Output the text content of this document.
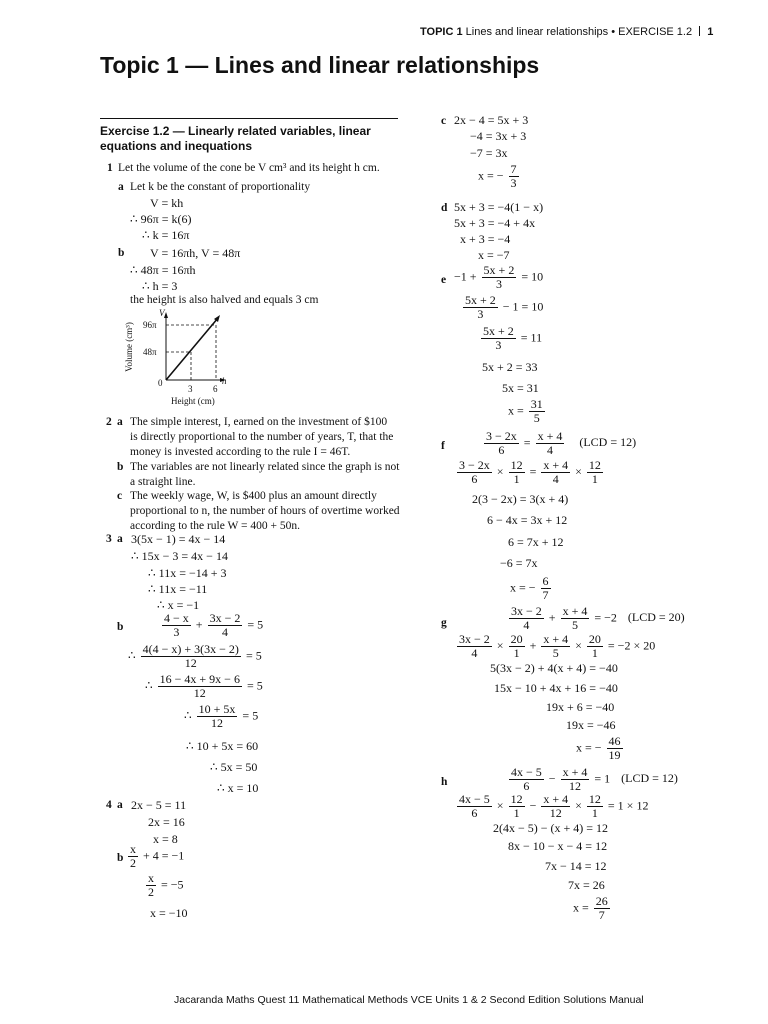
TOPIC 1 Lines and linear relationships • EXERCISE 1.2 1
Topic 1 — Lines and linear relationships
Exercise 1.2 — Linearly related variables, linear
equations and inequations
1 Let the volume of the cone be V cm³ and its height h cm.
a Let k be the constant of proportionality
V = kh
∴ 96π = k(6)
∴ k = 16π
b V = 16πh, V = 48π
∴ 48π = 16πh
∴ h = 3
the height is also halved and equals 3 cm
V
h
96π
48π
0
3 6
Height (cm)
Volume (cm³)
2 a The simple interest, I, earned on the investment of $100
is directly proportional to the number of years, T, that the
money is invested according to the rule I = 46T.
b The variables are not linearly related since the graph is not
a straight line.
c The weekly wage, W, is $400 plus an amount directly
proportional to n, the number of hours of overtime worked
according to the rule W = 400 + 50n.
3 a 3(5x − 1) = 4x − 14
∴ 15x − 3 = 4x − 14
∴ 11x = −14 + 3
∴ 11x = −11
∴ x = −1
b	$\frac{4 - x}{3} + \frac{3x - 2}{4} = 5$
∴ $\frac{4(4 - x) + 3(3x - 2)}{12} = 5$
∴ $\frac{16 - 4x + 9x - 6}{12} = 5$
∴ $\frac{10 + 5x}{12} = 5$
∴ 10 + 5x = 60
∴ 5x = 50
∴ x = 10
4 a 2x − 5 = 11
2x = 16
x = 8
b $\frac{x}{2} + 4 = -1$
$\frac{x}{2} = -5$
x = −10
c 2x − 4 = 5x + 3
−4 = 3x + 3
−7 = 3x
x = − $\frac{7}{3}$
d 5x + 3 = −4(1 − x)
5x + 3 = −4 + 4x
x + 3 = −4
x = −7
$e -1 + \frac{5x + 2}{3} = 10$
$\frac{5x + 2}{3} - 1 = 10$
$\frac{5x + 2}{3} = 11$
5x + 2 = 33
5x = 31
$x = \frac{31}{5}$
f	$\frac{3 - 2x}{6} = \frac{x + 4}{4} (LCD = 12)$
$\frac{3 - 2x}{6} \times \frac{12}{1} = \frac{x + 4}{4} \times \frac{12}{1}$
2(3 − 2x) = 3(x + 4)
6 − 4x = 3x + 12
6 = 7x + 12
−6 = 7x
x = − $\frac{6}{7}$
g	$\frac{3x - 2}{4} + \frac{x + 4}{5} = -2$ (LCD = 20)
$\frac{3x - 2}{4} \times \frac{20}{1} + \frac{x + 4}{5} \times \frac{20}{1} = -2 \times 20$
5(3x − 2) + 4(x + 4) = −40
15x − 10 + 4x + 16 = −40
19x + 6 = −40
19x = −46
x = − $\frac{46}{19}$
h	$\frac{4x - 5}{6} - \frac{x + 4}{12} = 1$ (LCD = 12)
$\frac{4x - 5}{6} \times \frac{12}{1} - \frac{x + 4}{12} \times \frac{12}{1} = 1 \times 12$
2(4x − 5) − (x + 4) = 12
8x − 10 − x − 4 = 12
7x − 14 = 12
7x = 26
$x = \frac{26}{7}$
Jacaranda Maths Quest 11 Mathematical Methods VCE Units 1 & 2 Second Edition Solutions Manual
